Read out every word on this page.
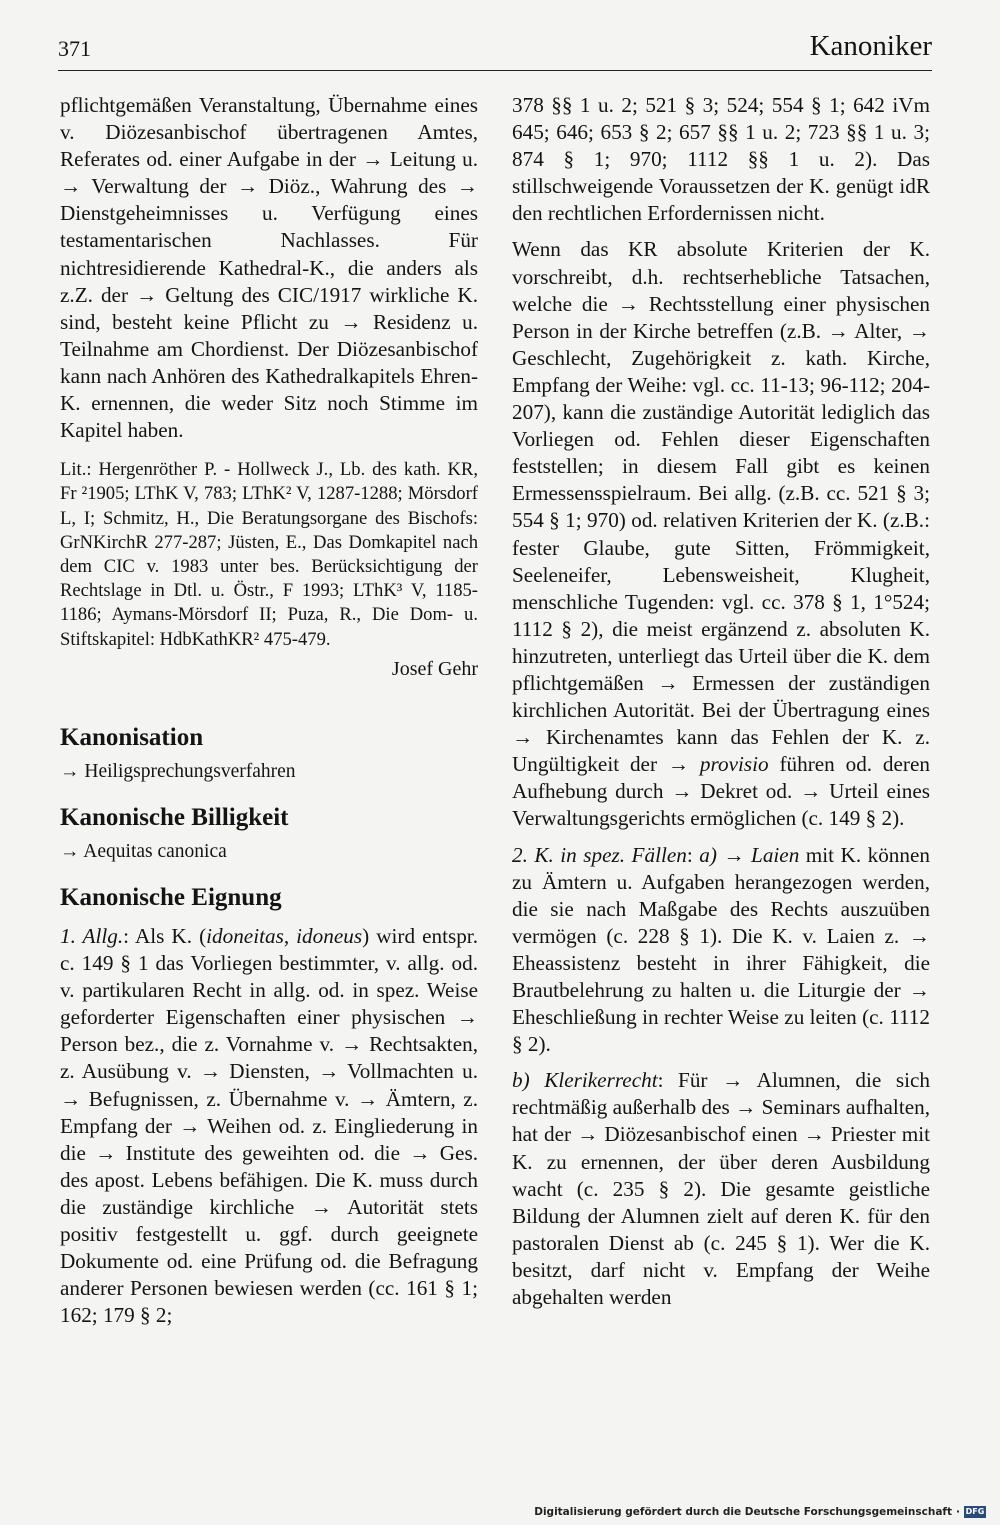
371	Kanoniker

pflichtgemäßen Veranstaltung, Übernahme eines v. Diözesanbischof übertragenen Amtes, Referates od. einer Aufgabe in der → Leitung u. → Verwaltung der → Diöz., Wahrung des → Dienstgeheimnisses u. Verfügung eines testamentarischen Nachlasses. Für nichtresidierende Kathedral-K., die anders als z.Z. der → Geltung des CIC/1917 wirkliche K. sind, besteht keine Pflicht zu → Residenz u. Teilnahme am Chordienst. Der Diözesanbischof kann nach Anhören des Kathedralkapitels Ehren-K. ernennen, die weder Sitz noch Stimme im Kapitel haben.

Lit.: Hergenröther P. - Hollweck J., Lb. des kath. KR, Fr ²1905; LThK V, 783; LThK² V, 1287-1288; Mörsdorf L, I; Schmitz, H., Die Beratungsorgane des Bischofs: GrNKirchR 277-287; Jüsten, E., Das Domkapitel nach dem CIC v. 1983 unter bes. Berücksichtigung der Rechtslage in Dtl. u. Östr., F 1993; LThK³ V, 1185-1186; Aymans-Mörsdorf II; Puza, R., Die Dom- u. Stiftskapitel: HdbKathKR² 475-479.

Josef Gehr
Kanonisation
→ Heiligsprechungsverfahren
Kanonische Billigkeit
→ Aequitas canonica
Kanonische Eignung

1. Allg.: Als K. (idoneitas, idoneus) wird entspr. c. 149 § 1 das Vorliegen bestimmter, v. allg. od. v. partikularen Recht in allg. od. in spez. Weise geforderter Eigenschaften einer physischen → Person bez., die z. Vornahme v. → Rechtsakten, z. Ausübung v. → Diensten, → Vollmachten u. → Befugnissen, z. Übernahme v. → Ämtern, z. Empfang der → Weihen od. z. Eingliederung in die → Institute des geweihten od. die → Ges. des apost. Lebens befähigen. Die K. muss durch die zuständige kirchliche → Autorität stets positiv festgestellt u. ggf. durch geeignete Dokumente od. eine Prüfung od. die Befragung anderer Personen bewiesen werden (cc. 161 § 1; 162; 179 § 2;

378 §§ 1 u. 2; 521 § 3; 524; 554 § 1; 642 iVm 645; 646; 653 § 2; 657 §§ 1 u. 2; 723 §§ 1 u. 3; 874 § 1; 970; 1112 §§ 1 u. 2). Das stillschweigende Voraussetzen der K. genügt idR den rechtlichen Erfordernissen nicht.

Wenn das KR absolute Kriterien der K. vorschreibt, d.h. rechtserhebliche Tatsachen, welche die → Rechtsstellung einer physischen Person in der Kirche betreffen (z.B. → Alter, → Geschlecht, Zugehörigkeit z. kath. Kirche, Empfang der Weihe: vgl. cc. 11-13; 96-112; 204-207), kann die zuständige Autorität lediglich das Vorliegen od. Fehlen dieser Eigenschaften feststellen; in diesem Fall gibt es keinen Ermessensspielraum. Bei allg. (z.B. cc. 521 § 3; 554 § 1; 970) od. relativen Kriterien der K. (z.B.: fester Glaube, gute Sitten, Frömmigkeit, Seeleneifer, Lebensweisheit, Klugheit, menschliche Tugenden: vgl. cc. 378 § 1, 1°524; 1112 § 2), die meist ergänzend z. absoluten K. hinzutreten, unterliegt das Urteil über die K. dem pflichtgemäßen → Ermessen der zuständigen kirchlichen Autorität. Bei der Übertragung eines → Kirchenamtes kann das Fehlen der K. z. Ungültigkeit der → provisio führen od. deren Aufhebung durch → Dekret od. → Urteil eines Verwaltungsgerichts ermöglichen (c. 149 § 2).

2. K. in spez. Fällen: a) → Laien mit K. können zu Ämtern u. Aufgaben herangezogen werden, die sie nach Maßgabe des Rechts auszuüben vermögen (c. 228 § 1). Die K. v. Laien z. → Eheassistenz besteht in ihrer Fähigkeit, die Brautbelehrung zu halten u. die Liturgie der → Eheschließung in rechter Weise zu leiten (c. 1112 § 2).

b) Klerikerrecht: Für → Alumnen, die sich rechtmäßig außerhalb des → Seminars aufhalten, hat der → Diözesanbischof einen → Priester mit K. zu ernennen, der über deren Ausbildung wacht (c. 235 § 2). Die gesamte geistliche Bildung der Alumnen zielt auf deren K. für den pastoralen Dienst ab (c. 245 § 1). Wer die K. besitzt, darf nicht v. Empfang der Weihe abgehalten werden

Digitalisierung gefördert durch die Deutsche Forschungsgemeinschaft · DFG
